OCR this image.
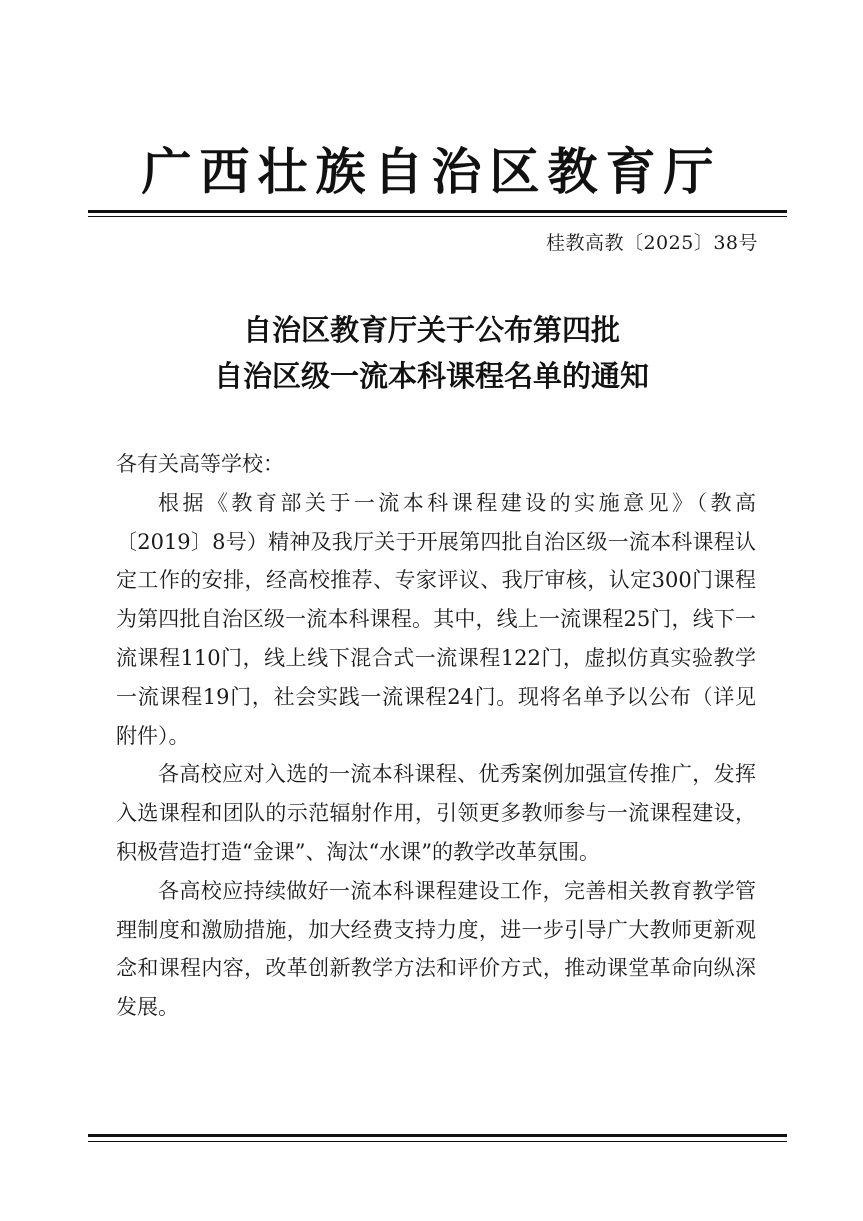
广西壮族自治区教育厅
桂教高教〔2025〕38号
自治区教育厅关于公布第四批
自治区级一流本科课程名单的通知

各有关高等学校：

根据《教育部关于一流本科课程建设的实施意见》（教高〔2019〕8号）精神及我厅关于开展第四批自治区级一流本科课程认定工作的安排，经高校推荐、专家评议、我厅审核，认定300门课程为第四批自治区级一流本科课程。其中，线上一流课程25门，线下一流课程110门，线上线下混合式一流课程122门，虚拟仿真实验教学一流课程19门，社会实践一流课程24门。现将名单予以公布（详见附件）。

各高校应对入选的一流本科课程、优秀案例加强宣传推广，发挥入选课程和团队的示范辐射作用，引领更多教师参与一流课程建设，积极营造打造“金课”、淘汰“水课”的教学改革氛围。

各高校应持续做好一流本科课程建设工作，完善相关教育教学管理制度和激励措施，加大经费支持力度，进一步引导广大教师更新观念和课程内容，改革创新教学方法和评价方式，推动课堂革命向纵深发展。
